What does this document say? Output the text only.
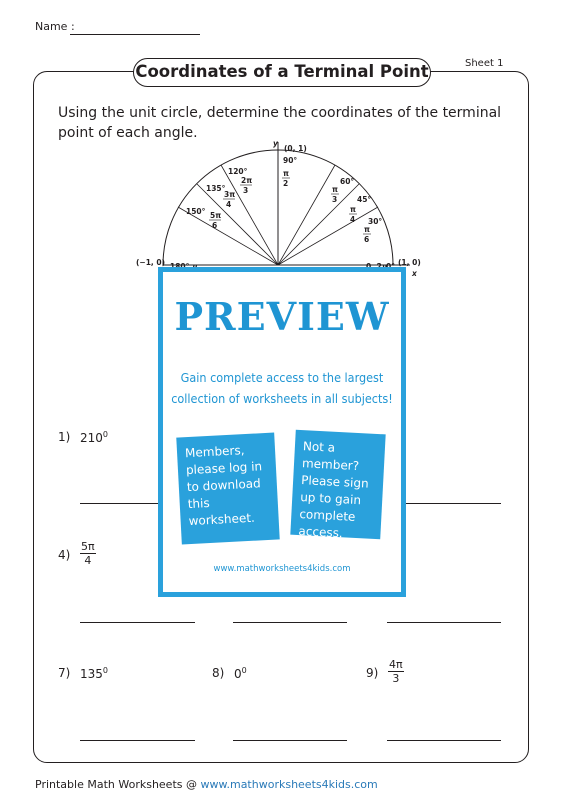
Name :
Sheet 1
Coordinates of a Terminal Point
Using the unit circle, determine the coordinates of the terminal point of each angle.
y
x
(0, 1)
(−1, 0)	(1, 0)
90°
60°
45°
30°
120°
135°
150°
π
2
π
3
π
4
π
6
2π
3
3π
4
5π
6
1) $210^0$
$4) \frac{5\pi}{4}$
7) $135^0$	8) $0^0$	$9) \frac{4\pi}{3}$
PREVIEW
Gain complete access to the largest
collection of worksheets in all subjects!
Members, please log in to download this worksheet.
Not a member? Please sign up to gain complete access.
www.mathworksheets4kids.com
Printable Math Worksheets @ www.mathworksheets4kids.com
